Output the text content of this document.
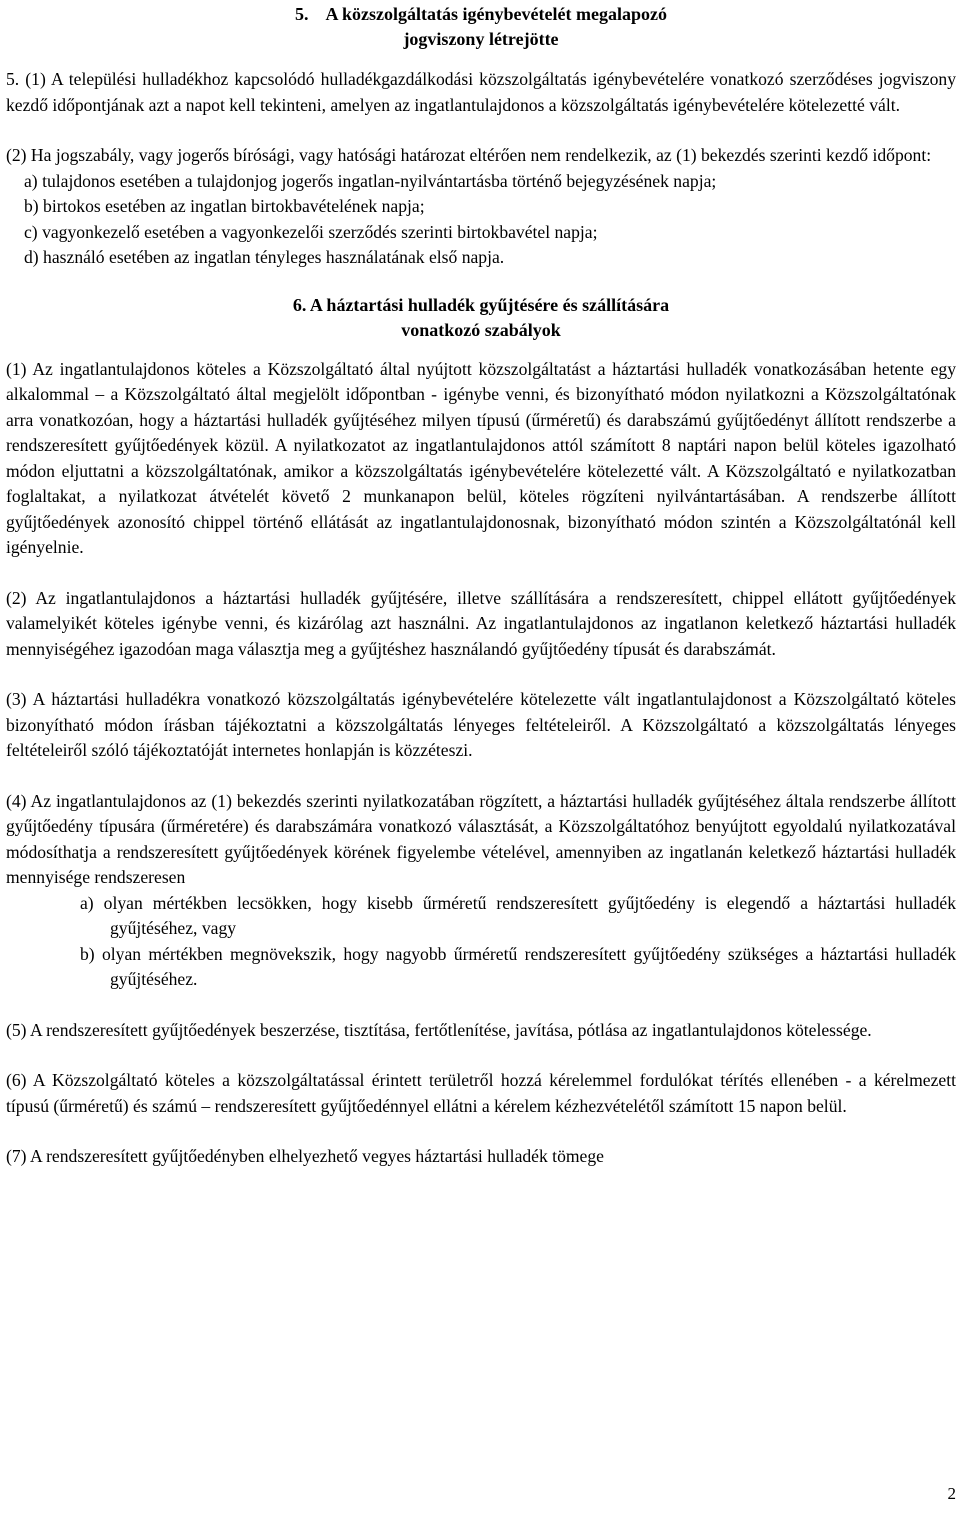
5. A közszolgáltatás igénybevételét megalapozó
jogviszony létrejötte

5. (1) A települési hulladékhoz kapcsolódó hulladékgazdálkodási közszolgáltatás igénybevételére vonatkozó szerződéses jogviszony kezdő időpontjának azt a napot kell tekinteni, amelyen az ingatlantulajdonos a közszolgáltatás igénybevételére kötelezetté vált.

(2) Ha jogszabály, vagy jogerős bírósági, vagy hatósági határozat eltérően nem rendelkezik, az (1) bekezdés szerinti kezdő időpont:

a) tulajdonos esetében a tulajdonjog jogerős ingatlan-nyilvántartásba történő bejegyzésének napja;

b) birtokos esetében az ingatlan birtokbavételének napja;

c) vagyonkezelő esetében a vagyonkezelői szerződés szerinti birtokbavétel napja;

d) használó esetében az ingatlan tényleges használatának első napja.

6. A háztartási hulladék gyűjtésére és szállítására
vonatkozó szabályok

(1) Az ingatlantulajdonos köteles a Közszolgáltató által nyújtott közszolgáltatást a háztartási hulladék vonatkozásában hetente egy alkalommal – a Közszolgáltató által megjelölt időpontban - igénybe venni, és bizonyítható módon nyilatkozni a Közszolgáltatónak arra vonatkozóan, hogy a háztartási hulladék gyűjtéséhez milyen típusú (űrméretű) és darabszámú gyűjtőedényt állított rendszerbe a rendszeresített gyűjtőedények közül. A nyilatkozatot az ingatlantulajdonos attól számított 8 naptári napon belül köteles igazolható módon eljuttatni a közszolgáltatónak, amikor a közszolgáltatás igénybevételére kötelezetté vált. A Közszolgáltató e nyilatkozatban foglaltakat, a nyilatkozat átvételét követő 2 munkanapon belül, köteles rögzíteni nyilvántartásában. A rendszerbe állított gyűjtőedények azonosító chippel történő ellátását az ingatlantulajdonosnak, bizonyítható módon szintén a Közszolgáltatónál kell igényelnie.

(2) Az ingatlantulajdonos a háztartási hulladék gyűjtésére, illetve szállítására a rendszeresített, chippel ellátott gyűjtőedények valamelyikét köteles igénybe venni, és kizárólag azt használni. Az ingatlantulajdonos az ingatlanon keletkező háztartási hulladék mennyiségéhez igazodóan maga választja meg a gyűjtéshez használandó gyűjtőedény típusát és darabszámát.

(3) A háztartási hulladékra vonatkozó közszolgáltatás igénybevételére kötelezette vált ingatlantulajdonost a Közszolgáltató köteles bizonyítható módon írásban tájékoztatni a közszolgáltatás lényeges feltételeiről. A Közszolgáltató a közszolgáltatás lényeges feltételeiről szóló tájékoztatóját internetes honlapján is közzéteszi.

(4) Az ingatlantulajdonos az (1) bekezdés szerinti nyilatkozatában rögzített, a háztartási hulladék gyűjtéséhez általa rendszerbe állított gyűjtőedény típusára (űrméretére) és darabszámára vonatkozó választását, a Közszolgáltatóhoz benyújtott egyoldalú nyilatkozatával módosíthatja a rendszeresített gyűjtőedények körének figyelembe vételével, amennyiben az ingatlanán keletkező háztartási hulladék mennyisége rendszeresen

a) olyan mértékben lecsökken, hogy kisebb űrméretű rendszeresített gyűjtőedény is elegendő a háztartási hulladék gyűjtéséhez, vagy

b) olyan mértékben megnövekszik, hogy nagyobb űrméretű rendszeresített gyűjtőedény szükséges a háztartási hulladék gyűjtéséhez.

(5) A rendszeresített gyűjtőedények beszerzése, tisztítása, fertőtlenítése, javítása, pótlása az ingatlantulajdonos kötelessége.

(6) A Közszolgáltató köteles a közszolgáltatással érintett területről hozzá kérelemmel fordulókat térítés ellenében - a kérelmezett típusú (űrméretű) és számú – rendszeresített gyűjtőedénnyel ellátni a kérelem kézhezvételétől számított 15 napon belül.

(7) A rendszeresített gyűjtőedényben elhelyezhető vegyes háztartási hulladék tömege

2
